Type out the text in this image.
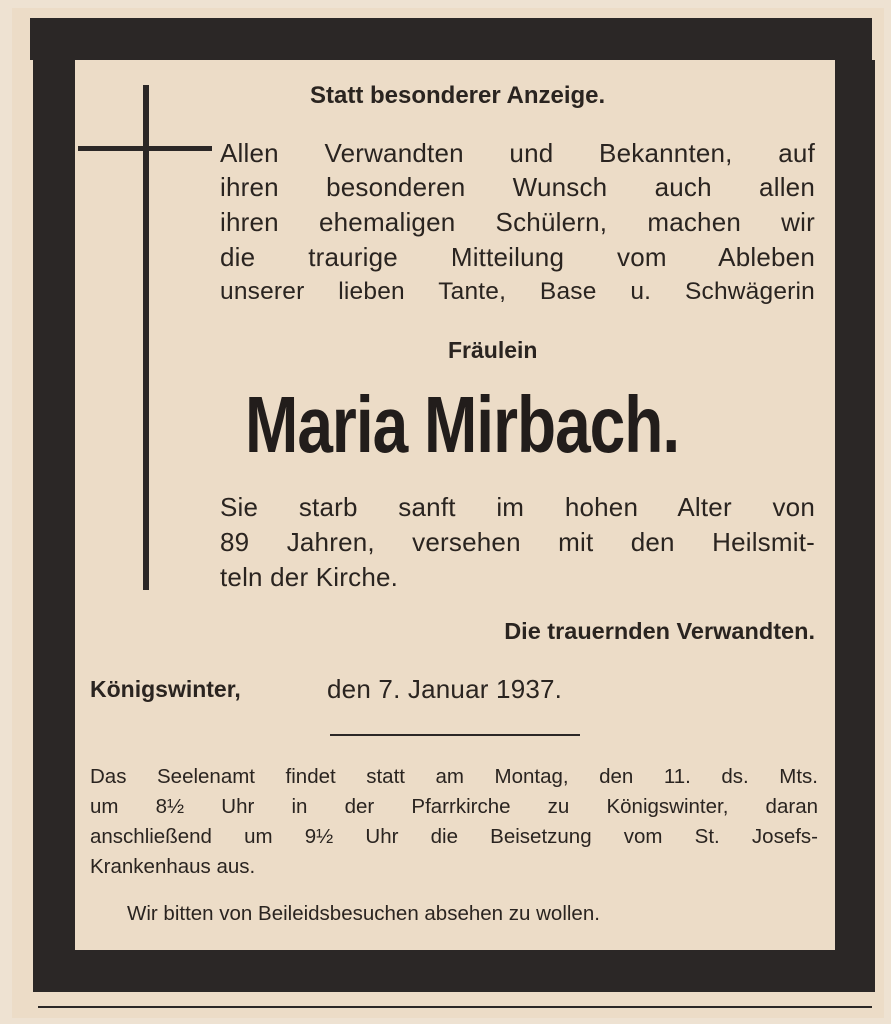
Statt besonderer Anzeige.
Allen Verwandten und Bekannten, auf
ihren besonderen Wunsch auch allen
ihren ehemaligen Schülern, machen wir
die traurige Mitteilung vom Ableben
unserer lieben Tante, Base u. Schwägerin
Fräulein
Maria Mirbach.
Sie starb sanft im hohen Alter von
89 Jahren, versehen mit den Heilsmit-
teln der Kirche.
Die trauernden Verwandten.
Königswinter,	den 7. Januar 1937.
Das Seelenamt findet statt am Montag, den 11. ds. Mts.
um 8½ Uhr in der Pfarrkirche zu Königswinter, daran
anschließend um 9½ Uhr die Beisetzung vom St. Josefs-
Krankenhaus aus.
Wir bitten von Beileidsbesuchen absehen zu wollen.
